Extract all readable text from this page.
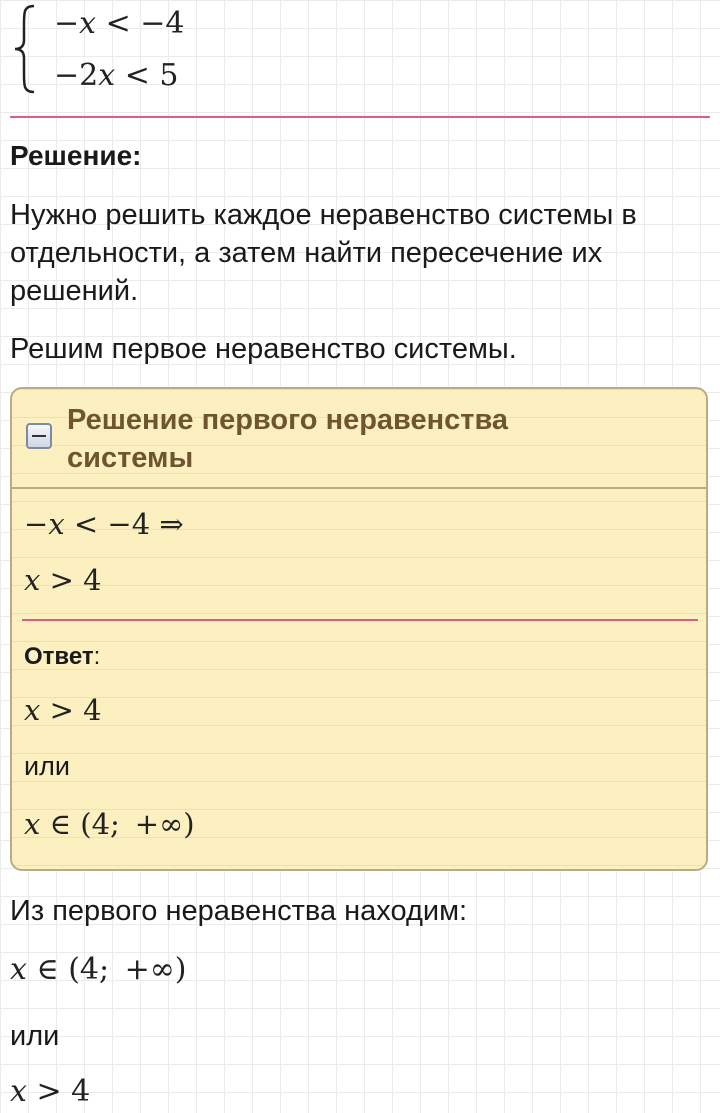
−x < −4
−2x < 5
Решение:
Нужно решить каждое неравенство системы в отдельности, а затем найти пересечение их решений.
Решим первое неравенство системы.
Решение первого неравенства системы
−x < −4 ⇒
x > 4
Ответ:
x > 4
или
x ∈ (4;  +∞)
Из первого неравенства находим:
x ∈ (4;  +∞)
или
x > 4
